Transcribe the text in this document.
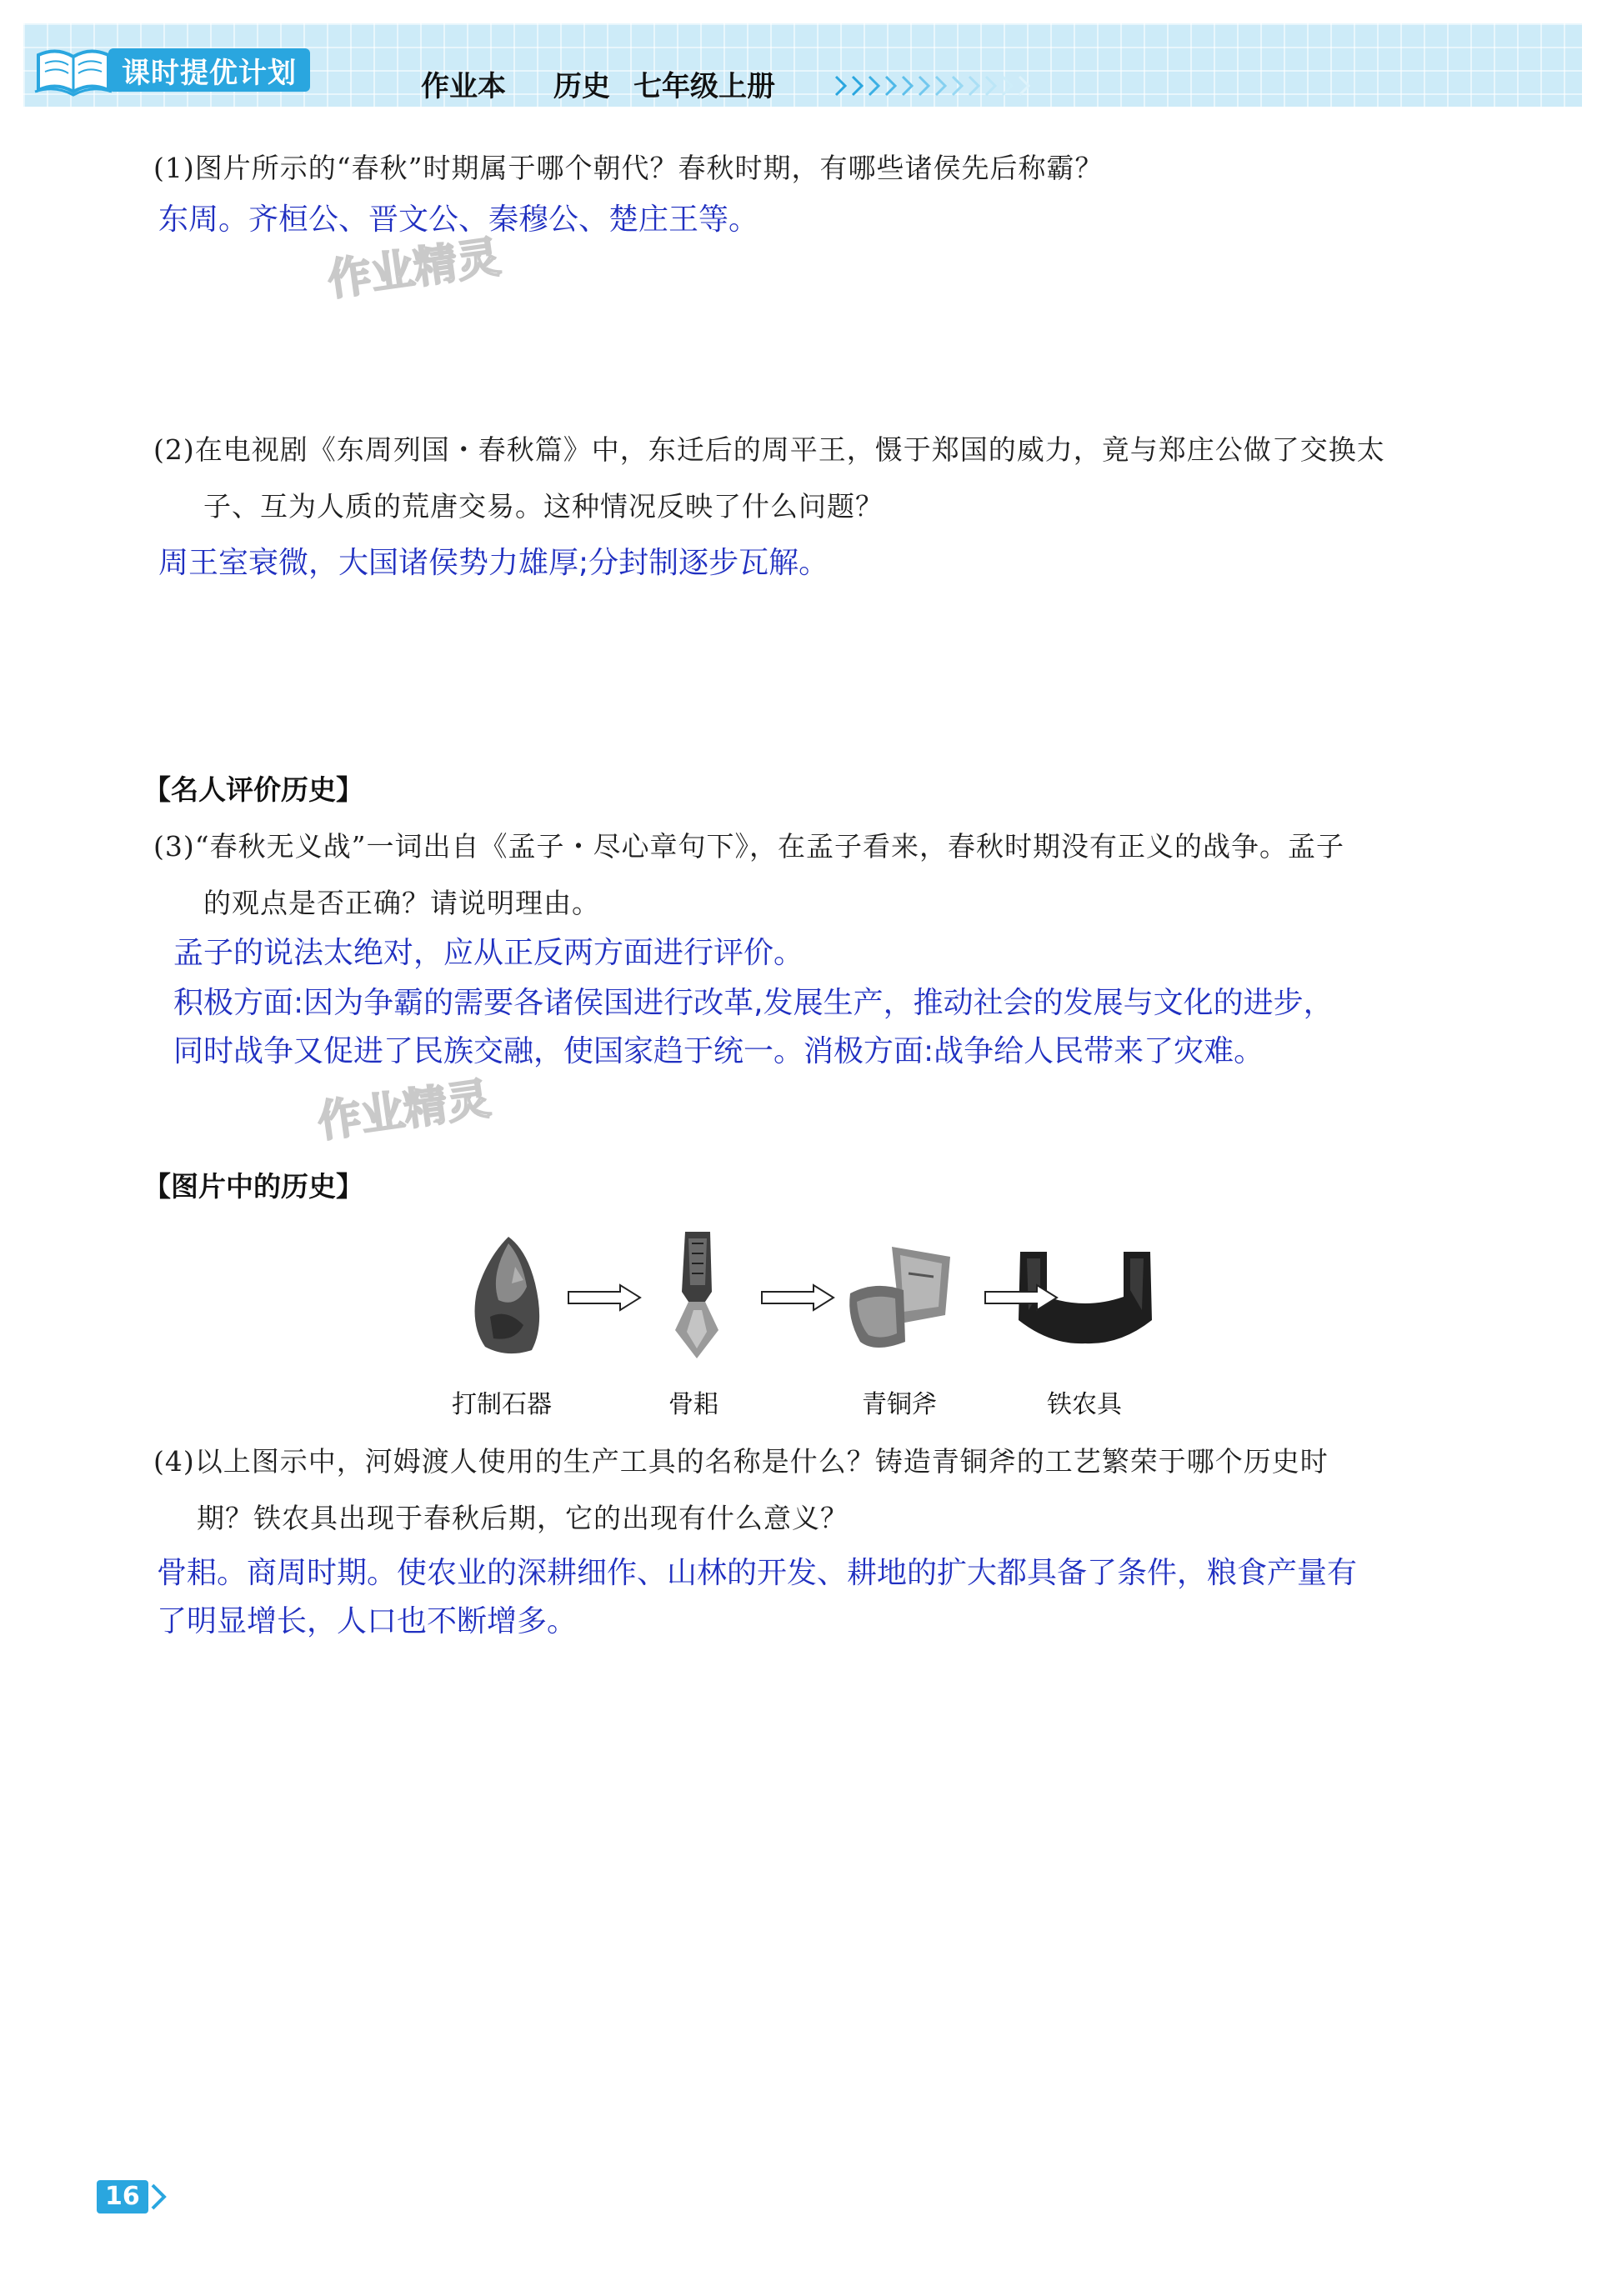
课时提优计划	作业本 历史 七年级上册
(1)图片所示的“春秋”时期属于哪个朝代？春秋时期，有哪些诸侯先后称霸？
东周。齐桓公、晋文公、秦穆公、楚庄王等。
作业精灵
(2)在电视剧《东周列国・春秋篇》中，东迁后的周平王，慑于郑国的威力，竟与郑庄公做了交换太
子、互为人质的荒唐交易。这种情况反映了什么问题？
周王室衰微，大国诸侯势力雄厚;分封制逐步瓦解。
【名人评价历史】
(3)“春秋无义战”一词出自《孟子・尽心章句下》，在孟子看来，春秋时期没有正义的战争。孟子
的观点是否正确？请说明理由。
孟子的说法太绝对，应从正反两方面进行评价。
积极方面:因为争霸的需要各诸侯国进行改革,发展生产，推动社会的发展与文化的进步，
同时战争又促进了民族交融，使国家趋于统一。消极方面:战争给人民带来了灾难。
作业精灵
【图片中的历史】
打制石器	骨耜	青铜斧	铁农具
(4)以上图示中，河姆渡人使用的生产工具的名称是什么？铸造青铜斧的工艺繁荣于哪个历史时
期？铁农具出现于春秋后期，它的出现有什么意义？
骨耜。商周时期。使农业的深耕细作、山林的开发、耕地的扩大都具备了条件，粮食产量有
了明显增长，人口也不断增多。
16
